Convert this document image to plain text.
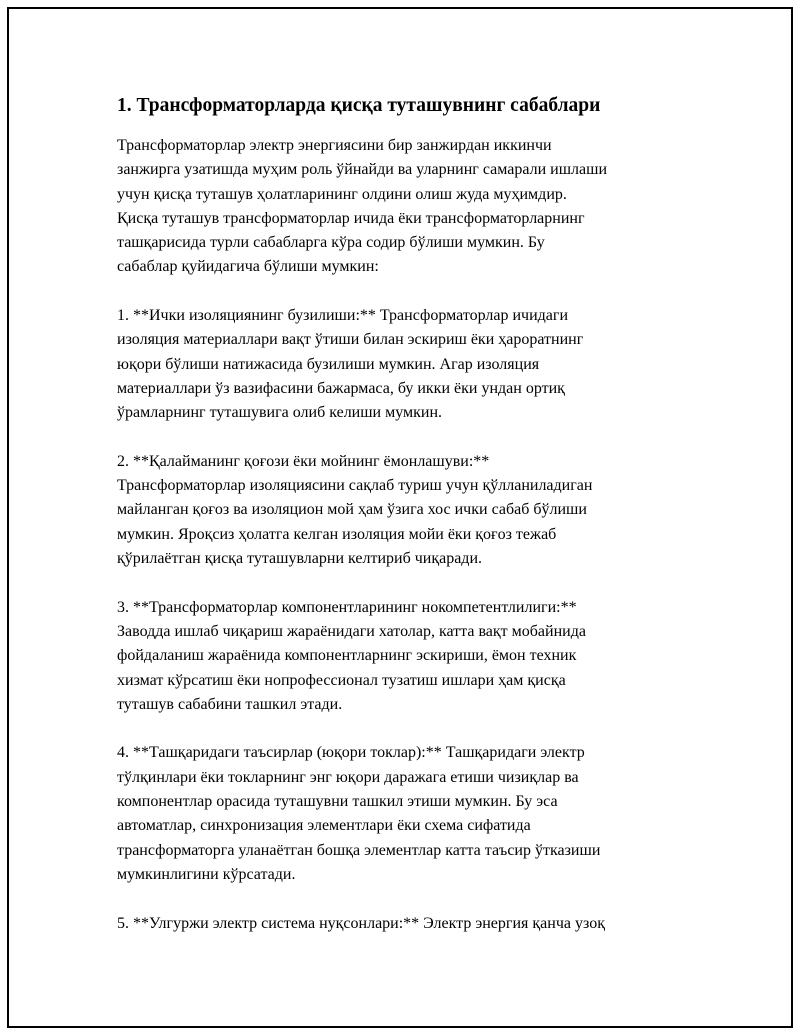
1. Трансформаторларда қисқа туташувнинг сабаблари
Трансформаторлар электр энергиясини бир занжирдан иккинчи
занжирга узатишда муҳим роль ўйнайди ва уларнинг самарали ишлаши
учун қисқа туташув ҳолатларининг олдини олиш жуда муҳимдир.
Қисқа туташув трансформаторлар ичида ёки трансформаторларнинг
ташқарисида турли сабабларга кўра содир бўлиши мумкин. Бу
сабаблар қуйидагича бўлиши мумкин:
1. **Ички изоляциянинг бузилиши:** Трансформаторлар ичидаги
изоляция материаллари вақт ўтиши билан эскириш ёки ҳароратнинг
юқори бўлиши натижасида бузилиши мумкин. Агар изоляция
материаллари ўз вазифасини бажармаса, бу икки ёки ундан ортиқ
ўрамларнинг туташувига олиб келиши мумкин.
2. **Қалайманинг қоғози ёки мойнинг ёмонлашуви:**
Трансформаторлар изоляциясини сақлаб туриш учун қўлланиладиган
майланган қоғоз ва изоляцион мой ҳам ўзига хос ички сабаб бўлиши
мумкин. Яроқсиз ҳолатга келган изоляция мойи ёки қоғоз тежаб
қўрилаётган қисқа туташувларни келтириб чиқаради.
3. **Трансформаторлар компонентларининг нокомпетентлилиги:**
Заводда ишлаб чиқариш жараёнидаги хатолар, катта вақт мобайнида
фойдаланиш жараёнида компонентларнинг эскириши, ёмон техник
хизмат кўрсатиш ёки нопрофессионал тузатиш ишлари ҳам қисқа
туташув сабабини ташкил этади.
4. **Ташқаридаги таъсирлар (юқори токлар):** Ташқаридаги электр
тўлқинлари ёки токларнинг энг юқори даражага етиши чизиқлар ва
компонентлар орасида туташувни ташкил этиши мумкин. Бу эса
автоматлар, синхронизация элементлари ёки схема сифатида
трансформаторга уланаётган бошқа элементлар катта таъсир ўтказиши
мумкинлигини кўрсатади.
5. **Улгуржи электр система нуқсонлари:** Электр энергия қанча узоқ
